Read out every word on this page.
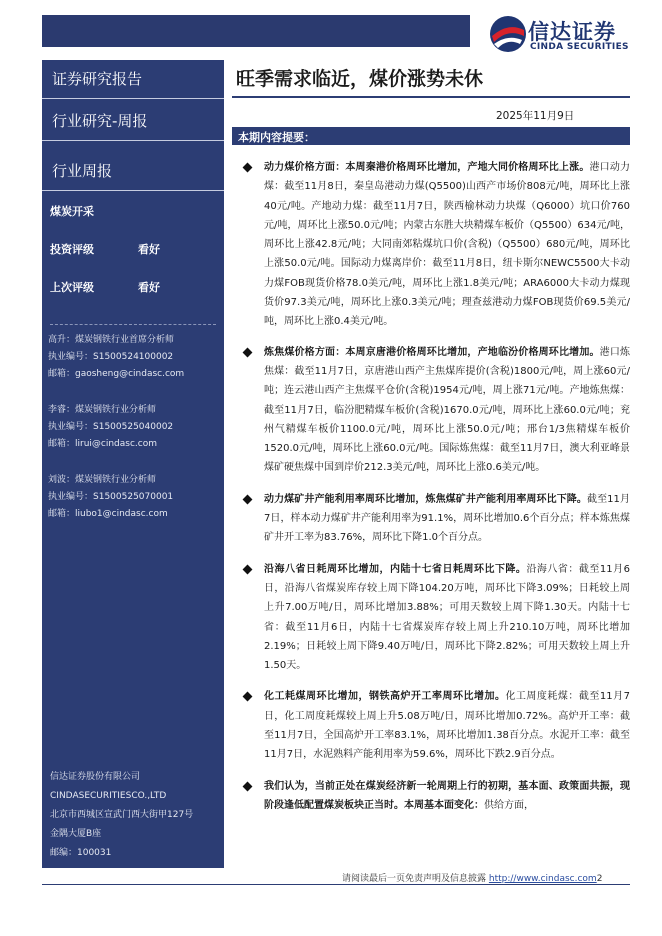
信达证券
CINDA SECURITIES
证券研究报告
行业研究-周报
行业周报
煤炭开采
投资评级	看好
上次评级	看好
高升：煤炭钢铁行业首席分析师
执业编号：S1500524100002
邮箱：gaosheng@cindasc.com
李睿：煤炭钢铁行业分析师
执业编号：S1500525040002
邮箱：lirui@cindasc.com
刘波：煤炭钢铁行业分析师
执业编号：S1500525070001
邮箱：liubo1@cindasc.com
信达证券股份有限公司
CINDASECURITIESCO.,LTD
北京市西城区宣武门西大街甲127号
金隅大厦B座
邮编：100031
旺季需求临近，煤价涨势未休
2025年11月9日
本期内容提要：
动力煤价格方面：本周秦港价格周环比增加，产地大同价格周环比上涨。港口动力煤：截至11月8日，秦皇岛港动力煤(Q5500)山西产市场价808元/吨，周环比上涨40元/吨。产地动力煤：截至11月7日，陕西榆林动力块煤（Q6000）坑口价760元/吨，周环比上涨50.0元/吨；内蒙古东胜大块精煤车板价（Q5500）634元/吨，周环比上涨42.8元/吨；大同南郊粘煤坑口价(含税)（Q5500）680元/吨，周环比上涨50.0元/吨。国际动力煤离岸价：截至11月8日，纽卡斯尔NEWC5500大卡动力煤FOB现货价格78.0美元/吨，周环比上涨1.8美元/吨；ARA6000大卡动力煤现货价97.3美元/吨，周环比上涨0.3美元/吨；理查兹港动力煤FOB现货价69.5美元/吨，周环比上涨0.4美元/吨。
炼焦煤价格方面：本周京唐港价格周环比增加，产地临汾价格周环比增加。港口炼焦煤：截至11月7日，京唐港山西产主焦煤库提价(含税)1800元/吨，周上涨60元/吨；连云港山西产主焦煤平仓价(含税)1954元/吨，周上涨71元/吨。产地炼焦煤：截至11月7日，临汾肥精煤车板价(含税)1670.0元/吨，周环比上涨60.0元/吨；兖州气精煤车板价1100.0元/吨，周环比上涨50.0元/吨；邢台1/3焦精煤车板价1520.0元/吨，周环比上涨60.0元/吨。国际炼焦煤：截至11月7日，澳大利亚峰景煤矿硬焦煤中国到岸价212.3美元/吨，周环比上涨0.6美元/吨。
动力煤矿井产能利用率周环比增加，炼焦煤矿井产能利用率周环比下降。截至11月7日，样本动力煤矿井产能利用率为91.1%，周环比增加0.6个百分点；样本炼焦煤矿井开工率为83.76%，周环比下降1.0个百分点。
沿海八省日耗周环比增加，内陆十七省日耗周环比下降。沿海八省：截至11月6日，沿海八省煤炭库存较上周下降104.20万吨，周环比下降3.09%；日耗较上周上升7.00万吨/日，周环比增加3.88%；可用天数较上周下降1.30天。内陆十七省：截至11月6日，内陆十七省煤炭库存较上周上升210.10万吨，周环比增加2.19%；日耗较上周下降9.40万吨/日，周环比下降2.82%；可用天数较上周上升1.50天。
化工耗煤周环比增加，钢铁高炉开工率周环比增加。化工周度耗煤：截至11月7日，化工周度耗煤较上周上升5.08万吨/日，周环比增加0.72%。高炉开工率：截至11月7日，全国高炉开工率83.1%，周环比增加1.38百分点。水泥开工率：截至11月7日，水泥熟料产能利用率为59.6%，周环比下跌2.9百分点。
我们认为，当前正处在煤炭经济新一轮周期上行的初期，基本面、政策面共振，现阶段逢低配置煤炭板块正当时。本周基本面变化：供给方面，
请阅读最后一页免责声明及信息披露 http://www.cindasc.com2
